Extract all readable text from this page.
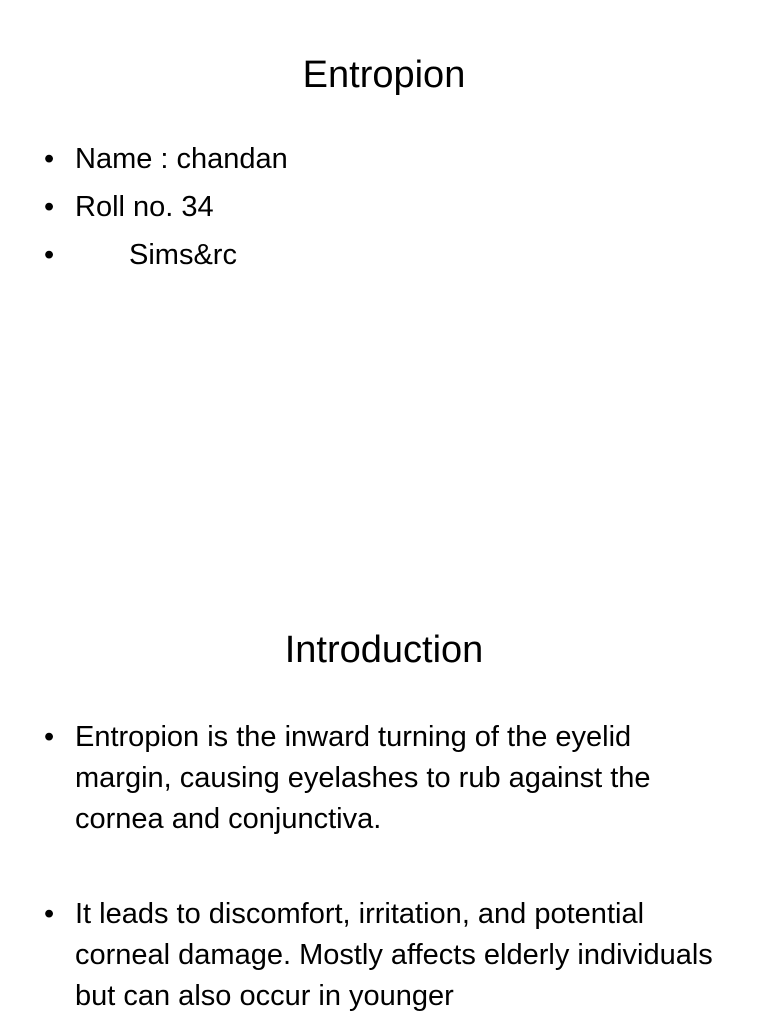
Entropion
• Name : chandan
• Roll no. 34
•	Sims&rc
Introduction
• Entropion is the inward turning of the eyelid margin, causing eyelashes to rub against the cornea and conjunctiva.
• It leads to discomfort, irritation, and potential corneal damage. Mostly affects elderly individuals but can also occur in younger
